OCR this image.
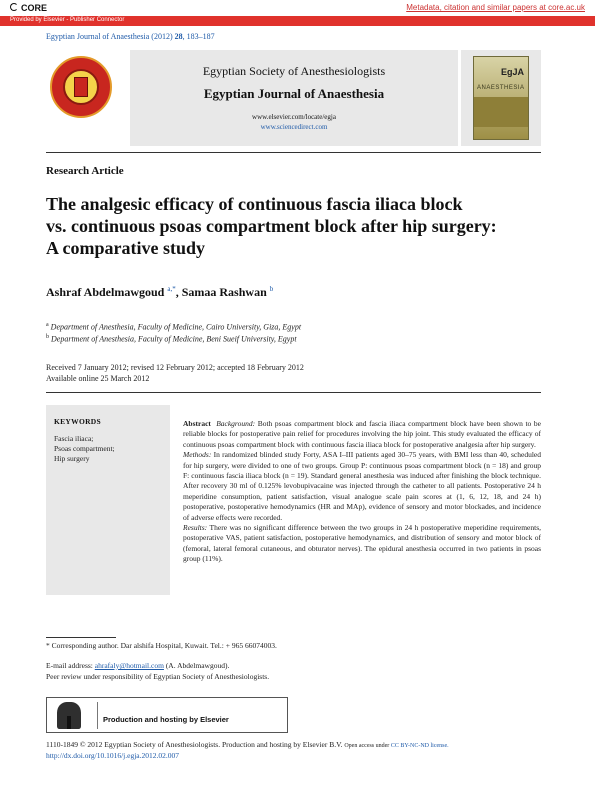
CORE	Metadata, citation and similar papers at core.ac.uk
Provided by Elsevier - Publisher Connector
Egyptian Journal of Anaesthesia (2012) 28, 183–187
Egyptian Society of Anesthesiologists
Egyptian Journal of Anaesthesia
www.elsevier.com/locate/egja
www.sciencedirect.com
EgJA
ANAESTHESIA
Research Article
The analgesic efficacy of continuous fascia iliaca block
vs. continuous psoas compartment block after hip surgery:
A comparative study
Ashraf Abdelmawgoud $^{a,*}$, Samaa Rashwan $^b$
$^a$ Department of Anesthesia, Faculty of Medicine, Cairo University, Giza, Egypt
$^b$ Department of Anesthesia, Faculty of Medicine, Beni Sueif University, Egypt
Received 7 January 2012; revised 12 February 2012; accepted 18 February 2012
Available online 25 March 2012
KEYWORDS
Fascia iliaca;
Psoas compartment;
Hip surgery

Abstract Background: Both psoas compartment block and fascia iliaca compartment block have been shown to be reliable blocks for postoperative pain relief for procedures involving the hip joint. This study evaluated the efficacy of continuous psoas compartment block with continuous fascia iliaca block for postoperative analgesia after hip surgery.

Methods: In randomized blinded study Forty, ASA I–III patients aged 30–75 years, with BMI less than 40, scheduled for hip surgery, were divided to one of two groups. Group P: continuous psoas compartment block (n = 18) and group F: continuous fascia iliaca block (n = 19). Standard general anesthesia was induced after finishing the block technique. After recovery 30 ml of 0.125% levobupivacaine was injected through the catheter to all patients. Postoperative 24 h meperidine consumption, patient satisfaction, visual analogue scale pain scores at (1, 6, 12, 18, and 24 h) postoperative, postoperative hemodynamics (HR and MAp), evidence of sensory and motor blockades, and incidence of adverse effects were recorded.

Results: There was no significant difference between the two groups in 24 h postoperative meperidine requirements, postoperative VAS, patient satisfaction, postoperative hemodynamics, and distribution of sensory and motor block of (femoral, lateral femoral cutaneous, and obturator nerves). The epidural anesthesia occurred in two patients in psoas group (11%).

* Corresponding author. Dar alshifa Hospital, Kuwait. Tel.: + 965 66074003.
E-mail address: ahrafaly@hotmail.com (A. Abdelmawgoud).
Peer review under responsibility of Egyptian Society of Anesthesiologists.
Production and hosting by Elsevier
1110-1849 © 2012 Egyptian Society of Anesthesiologists. Production and hosting by Elsevier B.V. Open access under CC BY-NC-ND license.
http://dx.doi.org/10.1016/j.egja.2012.02.007
